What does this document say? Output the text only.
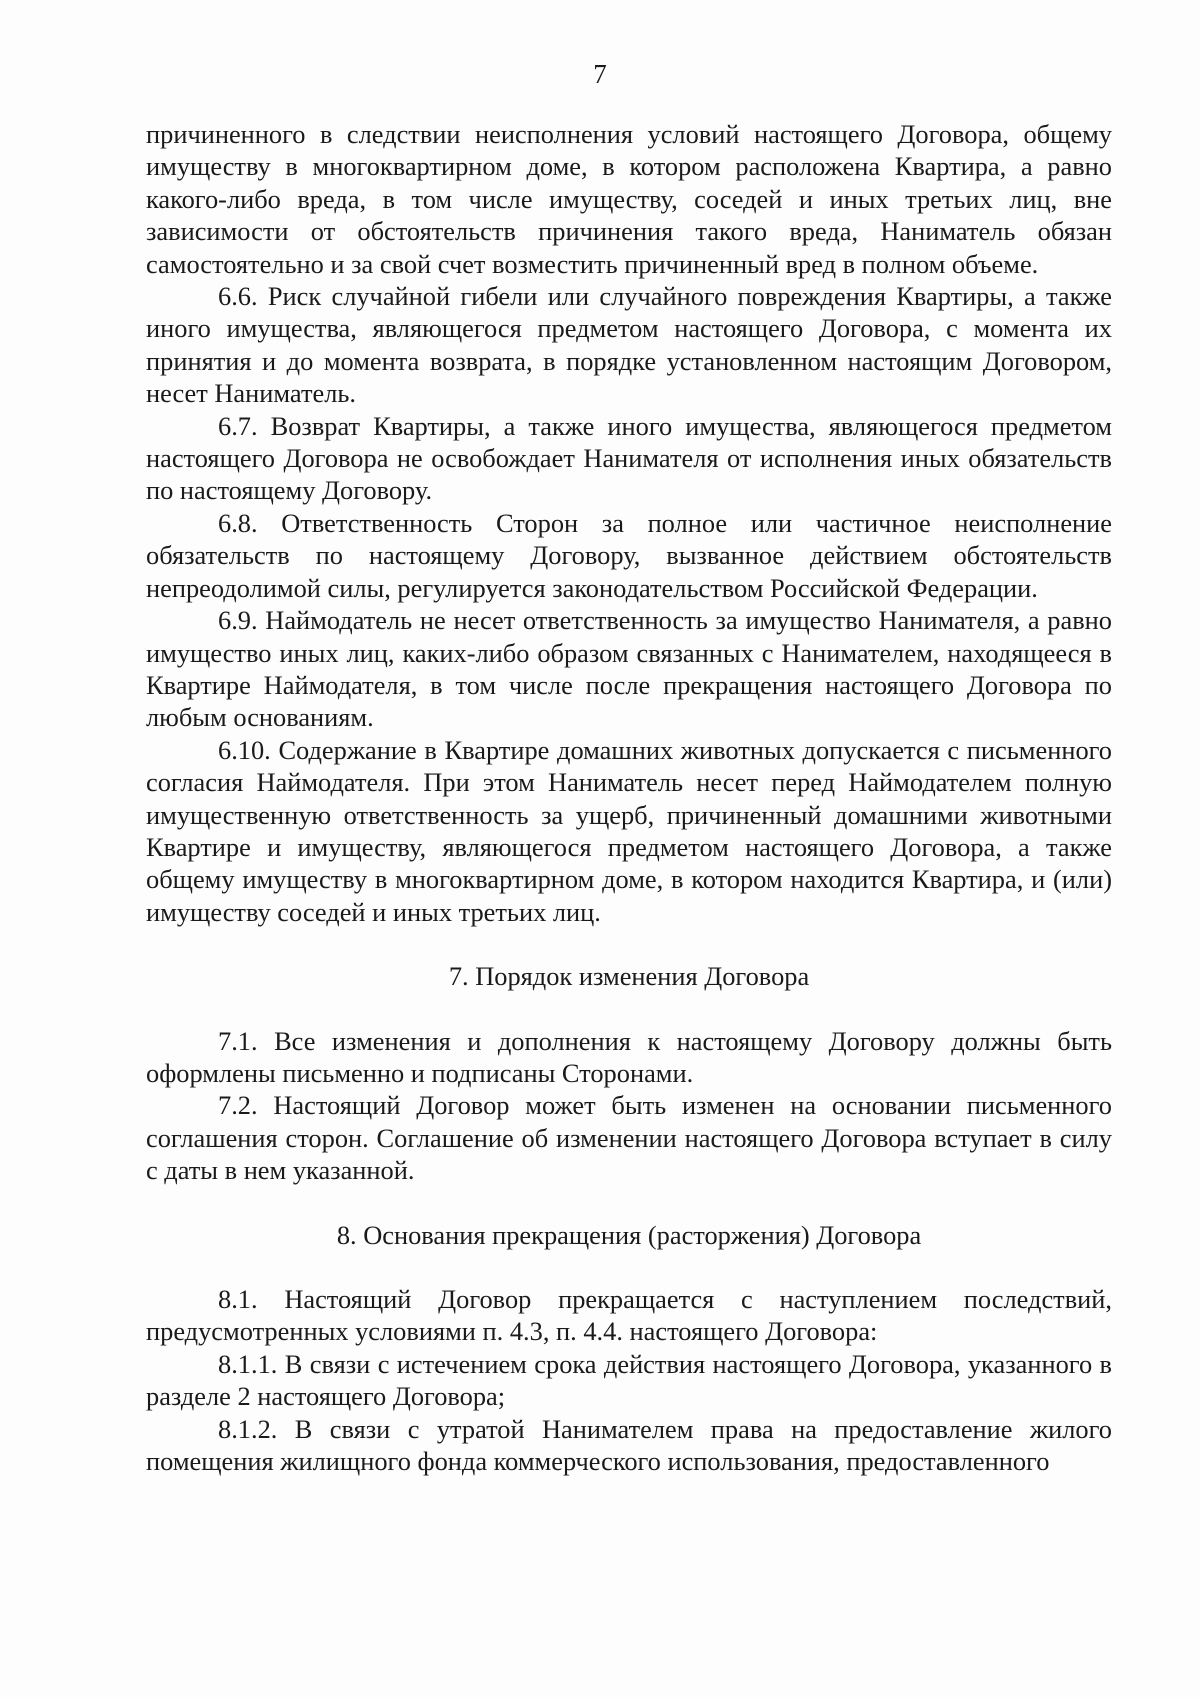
7

причиненного в следствии неисполнения условий настоящего Договора, общему имуществу в многоквартирном доме, в котором расположена Квартира, а равно какого-либо вреда, в том числе имуществу, соседей и иных третьих лиц, вне зависимости от обстоятельств причинения такого вреда, Наниматель обязан самостоятельно и за свой счет возместить причиненный вред в полном объеме.

6.6. Риск случайной гибели или случайного повреждения Квартиры, а также иного имущества, являющегося предметом настоящего Договора, с момента их принятия и до момента возврата, в порядке установленном настоящим Договором, несет Наниматель.

6.7. Возврат Квартиры, а также иного имущества, являющегося предметом настоящего Договора не освобождает Нанимателя от исполнения иных обязательств по настоящему Договору.

6.8. Ответственность Сторон за полное или частичное неисполнение обязательств по настоящему Договору, вызванное действием обстоятельств непреодолимой силы, регулируется законодательством Российской Федерации.

6.9. Наймодатель не несет ответственность за имущество Нанимателя, а равно имущество иных лиц, каких-либо образом связанных с Нанимателем, находящееся в Квартире Наймодателя, в том числе после прекращения настоящего Договора по любым основаниям.

6.10. Содержание в Квартире домашних животных допускается с письменного согласия Наймодателя. При этом Наниматель несет перед Наймодателем полную имущественную ответственность за ущерб, причиненный домашними животными Квартире и имуществу, являющегося предметом настоящего Договора, а также общему имуществу в многоквартирном доме, в котором находится Квартира, и (или) имуществу соседей и иных третьих лиц.

7. Порядок изменения Договора

7.1. Все изменения и дополнения к настоящему Договору должны быть оформлены письменно и подписаны Сторонами.

7.2. Настоящий Договор может быть изменен на основании письменного соглашения сторон. Соглашение об изменении настоящего Договора вступает в силу с даты в нем указанной.

8. Основания прекращения (расторжения) Договора

8.1. Настоящий Договор прекращается с наступлением последствий, предусмотренных условиями п. 4.3, п. 4.4. настоящего Договора:

8.1.1. В связи с истечением срока действия настоящего Договора, указанного в разделе 2 настоящего Договора;

8.1.2. В связи с утратой Нанимателем права на предоставление жилого помещения жилищного фонда коммерческого использования, предоставленного
